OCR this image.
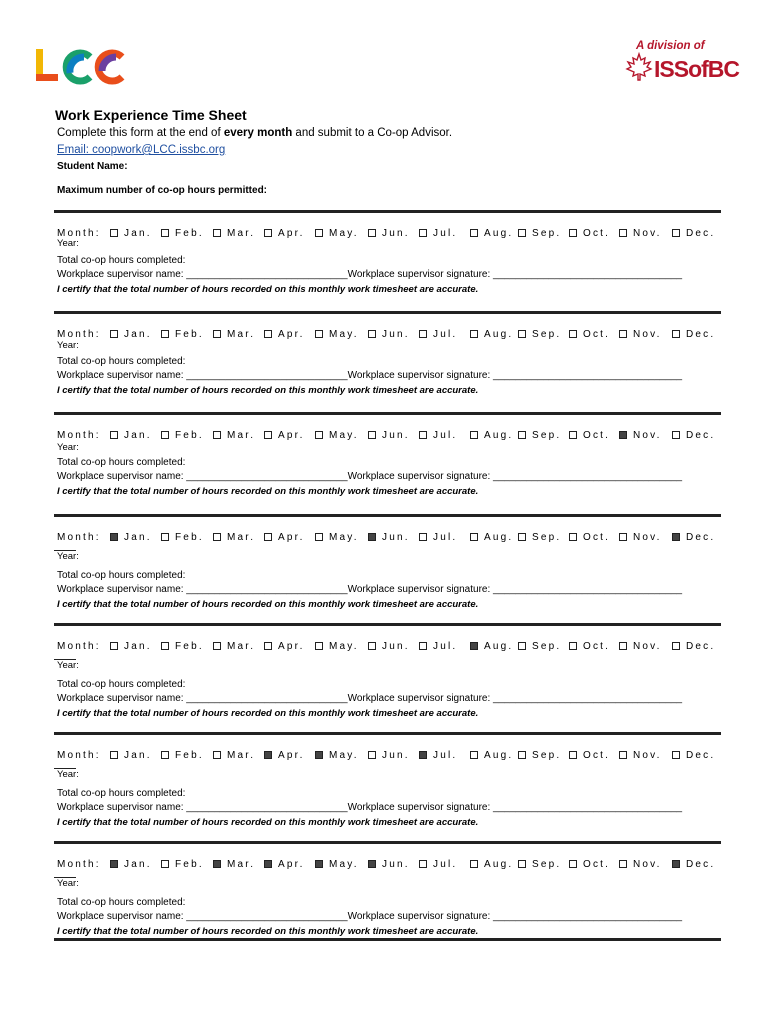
A division of
ISSofBC
Work Experience Time Sheet
Complete this form at the end of every month and submit to a Co-op Advisor.
Email: coopwork@LCC.issbc.org
Student Name:
Maximum number of co-op hours permitted:
Month:	Jan.	Feb.	Mar.	Apr.	May.	Jun.	Jul.	Aug.	Sep.	Oct.	Nov.	Dec.
Year:
Total co-op hours completed:
Workplace supervisor name: _____________________________Workplace supervisor signature: __________________________________
I certify that the total number of hours recorded on this monthly work timesheet are accurate.
Month:	Jan.	Feb.	Mar.	Apr.	May.	Jun.	Jul.	Aug.	Sep.	Oct.	Nov.	Dec.
Year:
Total co-op hours completed:
Workplace supervisor name: _____________________________Workplace supervisor signature: __________________________________
I certify that the total number of hours recorded on this monthly work timesheet are accurate.
Month:	Jan.	Feb.	Mar.	Apr.	May.	Jun.	Jul.	Aug.	Sep.	Oct.	Nov.	Dec.
Year:
Total co-op hours completed:
Workplace supervisor name: _____________________________Workplace supervisor signature: __________________________________
I certify that the total number of hours recorded on this monthly work timesheet are accurate.
Month:	Jan.	Feb.	Mar.	Apr.	May.	Jun.	Jul.	Aug.	Sep.	Oct.	Nov.	Dec.
Year:
Total co-op hours completed:
Workplace supervisor name: _____________________________Workplace supervisor signature: __________________________________
I certify that the total number of hours recorded on this monthly work timesheet are accurate.
Month:	Jan.	Feb.	Mar.	Apr.	May.	Jun.	Jul.	Aug.	Sep.	Oct.	Nov.	Dec.
Year:
Total co-op hours completed:
Workplace supervisor name: _____________________________Workplace supervisor signature: __________________________________
I certify that the total number of hours recorded on this monthly work timesheet are accurate.
Month:	Jan.	Feb.	Mar.	Apr.	May.	Jun.	Jul.	Aug.	Sep.	Oct.	Nov.	Dec.
Year:
Total co-op hours completed:
Workplace supervisor name: _____________________________Workplace supervisor signature: __________________________________
I certify that the total number of hours recorded on this monthly work timesheet are accurate.
Month:	Jan.	Feb.	Mar.	Apr.	May.	Jun.	Jul.	Aug.	Sep.	Oct.	Nov.	Dec.
Year:
Total co-op hours completed:
Workplace supervisor name: _____________________________Workplace supervisor signature: __________________________________
I certify that the total number of hours recorded on this monthly work timesheet are accurate.
